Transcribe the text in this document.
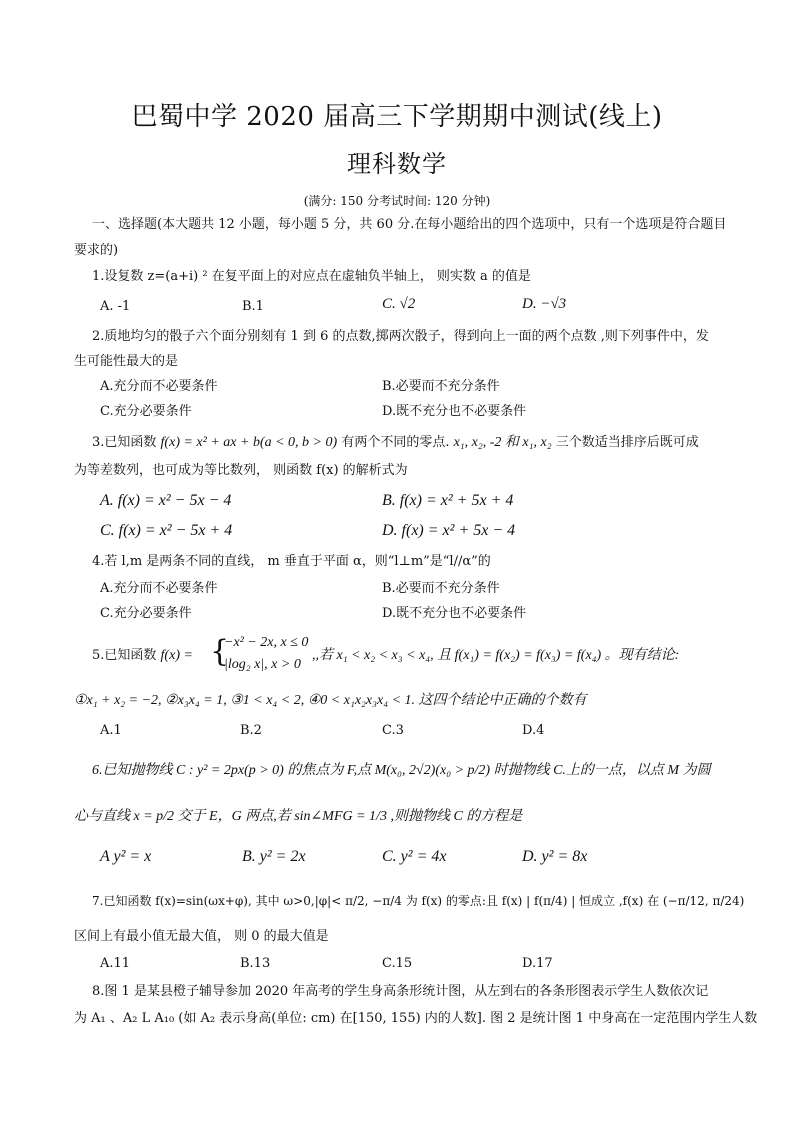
巴蜀中学 2020 届高三下学期期中测试(线上)
理科数学
(满分: 150 分考试时间: 120 分钟)
一、选择题(本大题共 12 小题，每小题 5 分，共 60 分.在每小题给出的四个选项中，只有一个选项是符合题目
要求的)
1.设复数 z=(a+i) ² 在复平面上的对应点在虚轴负半轴上， 则实数 a 的值是
A. -1	B.1	C. √2	D. −√3
2.质地均匀的骰子六个面分别刻有 1 到 6 的点数,掷两次骰子，得到向上一面的两个点数 ,则下列事件中，发
生可能性最大的是
A.充分而不必要条件	B.必要而不充分条件
C.充分必要条件	D.既不充分也不必要条件
3.已知函数 f(x) = x² + ax + b(a < 0, b > 0) 有两个不同的零点. x₁, x₂, -2 和 x₁, x₂ 三个数适当排序后既可成
为等差数列，也可成为等比数列， 则函数 f(x) 的解析式为
A. f(x) = x² − 5x − 4	B. f(x) = x² + 5x + 4
C. f(x) = x² − 5x + 4	D. f(x) = x² + 5x − 4
4.若 l,m 是两条不同的直线， m 垂直于平面 α，则“l⊥m”是“l//α”的
A.充分而不必要条件	B.必要而不充分条件
C.充分必要条件	D.既不充分也不必要条件
5.已知函数 f(x) = {
−x² − 2x, x ≤ 0
|log₂ x|, x > 0
,,若 x₁ < x₂ < x₃ < x₄, 且 f(x₁) = f(x₂) = f(x₃) = f(x₄) 。现有结论:
①x₁ + x₂ = −2, ②x₃x₄ = 1, ③1 < x₄ < 2, ④0 < x₁x₂x₃x₄ < 1. 这四个结论中正确的个数有
A.1	B.2	C.3	D.4
6.已知抛物线 C : y² = 2px(p > 0) 的焦点为 F,点 M(x₀, 2√2)(x₀ > p/2) 时抛物线 C.上的一点，以点 M 为圆
心与直线 x = p/2 交于 E，G 两点,若 sin∠MFG = 1/3 ,则抛物线 C 的方程是
A y² = x	B. y² = 2x	C. y² = 4x	D. y² = 8x
7.已知函数 f(x)=sin(ωx+φ), 其中 ω>0,|φ|< π/2, −π/4 为 f(x) 的零点:且 f(x) | f(π/4) | 恒成立 ,f(x) 在 (−π/12, π/24)
区间上有最小值无最大值， 则 0 的最大值是
A.11	B.13	C.15	D.17
8.图 1 是某县橙子辅导参加 2020 年高考的学生身高条形统计图，从左到右的各条形图表示学生人数依次记
为 A₁ 、A₂ L A₁₀ (如 A₂ 表示身高(单位: cm) 在[150, 155) 内的人数]. 图 2 是统计图 1 中身高在一定范围内学生人数
